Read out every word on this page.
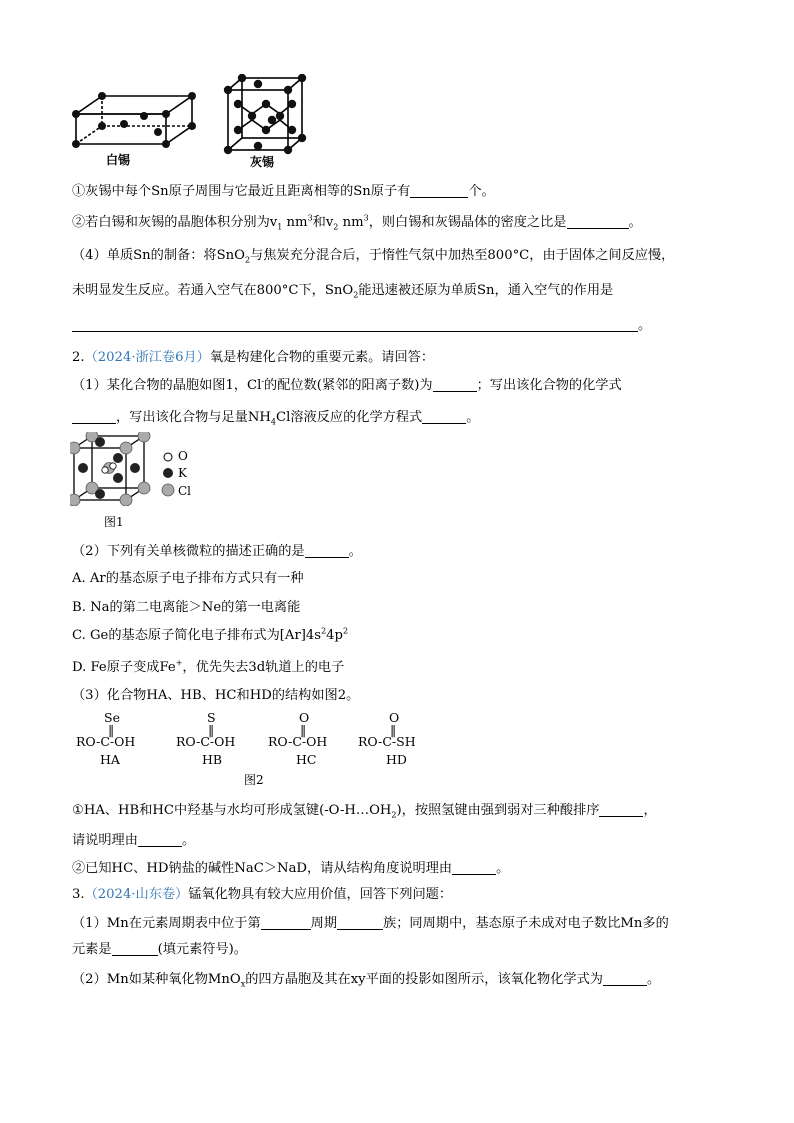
白锡	灰锡
①灰锡中每个Sn原子周围与它最近且距离相等的Sn原子有	个。
②若白锡和灰锡的晶胞体积分别为$v_1$ $nm^3$和$v_2$ $nm^3$，则白锡和灰锡晶体的密度之比是	。
（4）单质Sn的制备：将SnO$_2$与焦炭充分混合后，于惰性气氛中加热至800°C，由于固体之间反应慢，
未明显发生反应。若通入空气在800°C下，SnO$_2$能迅速被还原为单质Sn，通入空气的作用是
。
2.（2024·浙江卷6月）氧是构建化合物的重要元素。请回答：
（1）某化合物的晶胞如图1，Cl-的配位数(紧邻的阳离子数)为	；写出该化合物的化学式
，写出该化合物与足量$NH_4Cl$溶液反应的化学方程式	。
O
K
Cl
图1
（2）下列有关单核微粒的描述正确的是	。
A. Ar的基态原子电子排布方式只有一种
B. Na的第二电离能＞Ne的第一电离能
C. Ge的基态原子简化电子排布式为$[Ar]4s^24p^2$
D. Fe原子变成Fe+，优先失去3d轨道上的电子
（3）化合物HA、HB、HC和HD的结构如图2。
Se
‖
RO-C-OH
HA
S
‖
RO-C-OH
HB
O
‖
RO-C-OH
HC
O
‖
RO-C-SH
HD
图2
①HA、HB和HC中羟基与水均可形成氢键$(-O-H\dots OH_2)$，按照氢键由强到弱对三种酸排序	，
请说明理由	。
②已知HC、HD钠盐的碱性NaC＞NaD，请从结构角度说明理由	。
3.（2024·山东卷）锰氧化物具有较大应用价值，回答下列问题：
（1）Mn在元素周期表中位于第	周期	族；同周期中，基态原子未成对电子数比Mn多的
元素是	(填元素符号)。
（2）Mn如某种氧化物MnO$_x$的四方晶胞及其在xy平面的投影如图所示，该氧化物化学式为	。
